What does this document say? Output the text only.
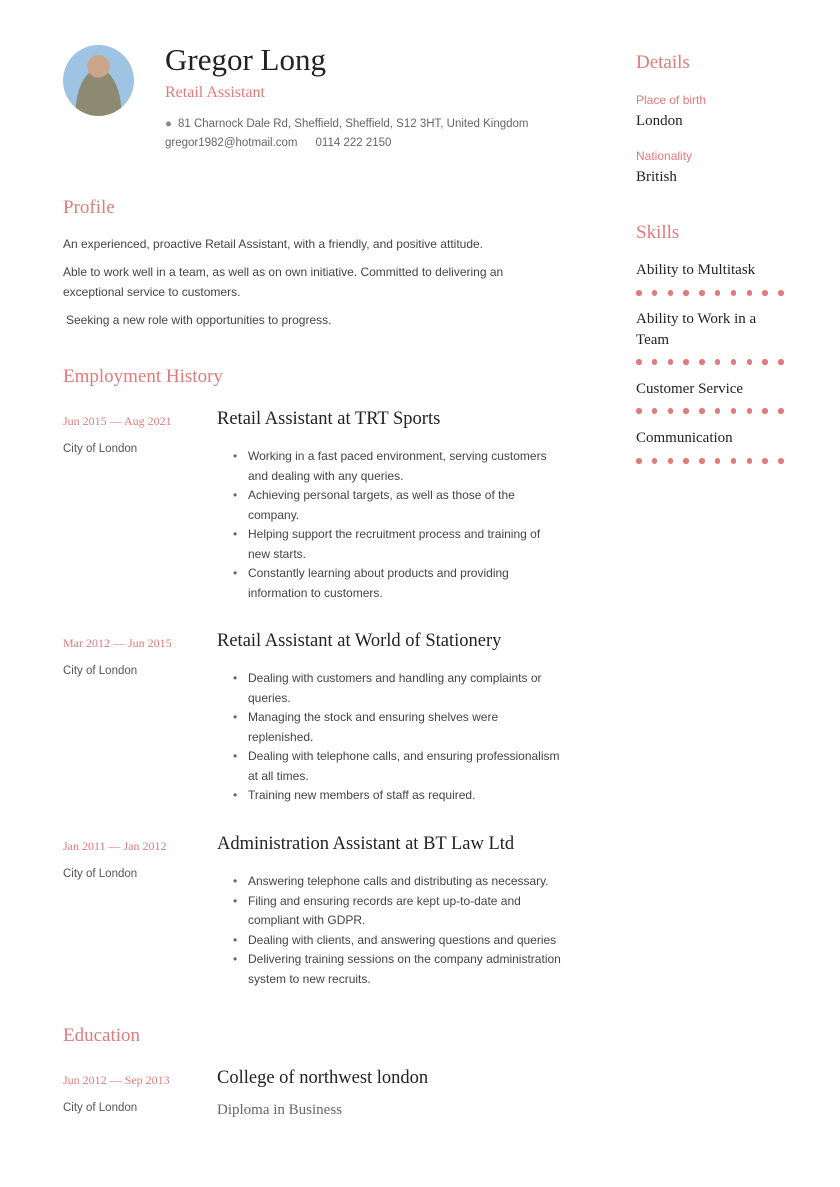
Gregor Long
Retail Assistant
● 81 Charnock Dale Rd, Sheffield, Sheffield, S12 3HT, United Kingdom
gregor1982@hotmail.com 0114 222 2150
Profile
An experienced, proactive Retail Assistant, with a friendly, and positive attitude.
Able to work well in a team, as well as on own initiative. Committed to delivering an exceptional service to customers.
Seeking a new role with opportunities to progress.
Employment History
Jun 2015 — Aug 2021
City of London
Retail Assistant at TRT Sports
• Working in a fast paced environment, serving customers and dealing with any queries.
• Achieving personal targets, as well as those of the company.
• Helping support the recruitment process and training of new starts.
• Constantly learning about products and providing information to customers.
Mar 2012 — Jun 2015
City of London
Retail Assistant at World of Stationery
• Dealing with customers and handling any complaints or queries.
• Managing the stock and ensuring shelves were replenished.
• Dealing with telephone calls, and ensuring professionalism at all times.
• Training new members of staff as required.
Jan 2011 — Jan 2012
City of London
Administration Assistant at BT Law Ltd
• Answering telephone calls and distributing as necessary.
• Filing and ensuring records are kept up-to-date and compliant with GDPR.
• Dealing with clients, and answering questions and queries
• Delivering training sessions on the company administration system to new recruits.
Education
Jun 2012 — Sep 2013
City of London
College of northwest london
Diploma in Business
Details
Place of birth
London
Nationality
British
Skills
Ability to Multitask
Ability to Work in a Team
Customer Service
Communication
